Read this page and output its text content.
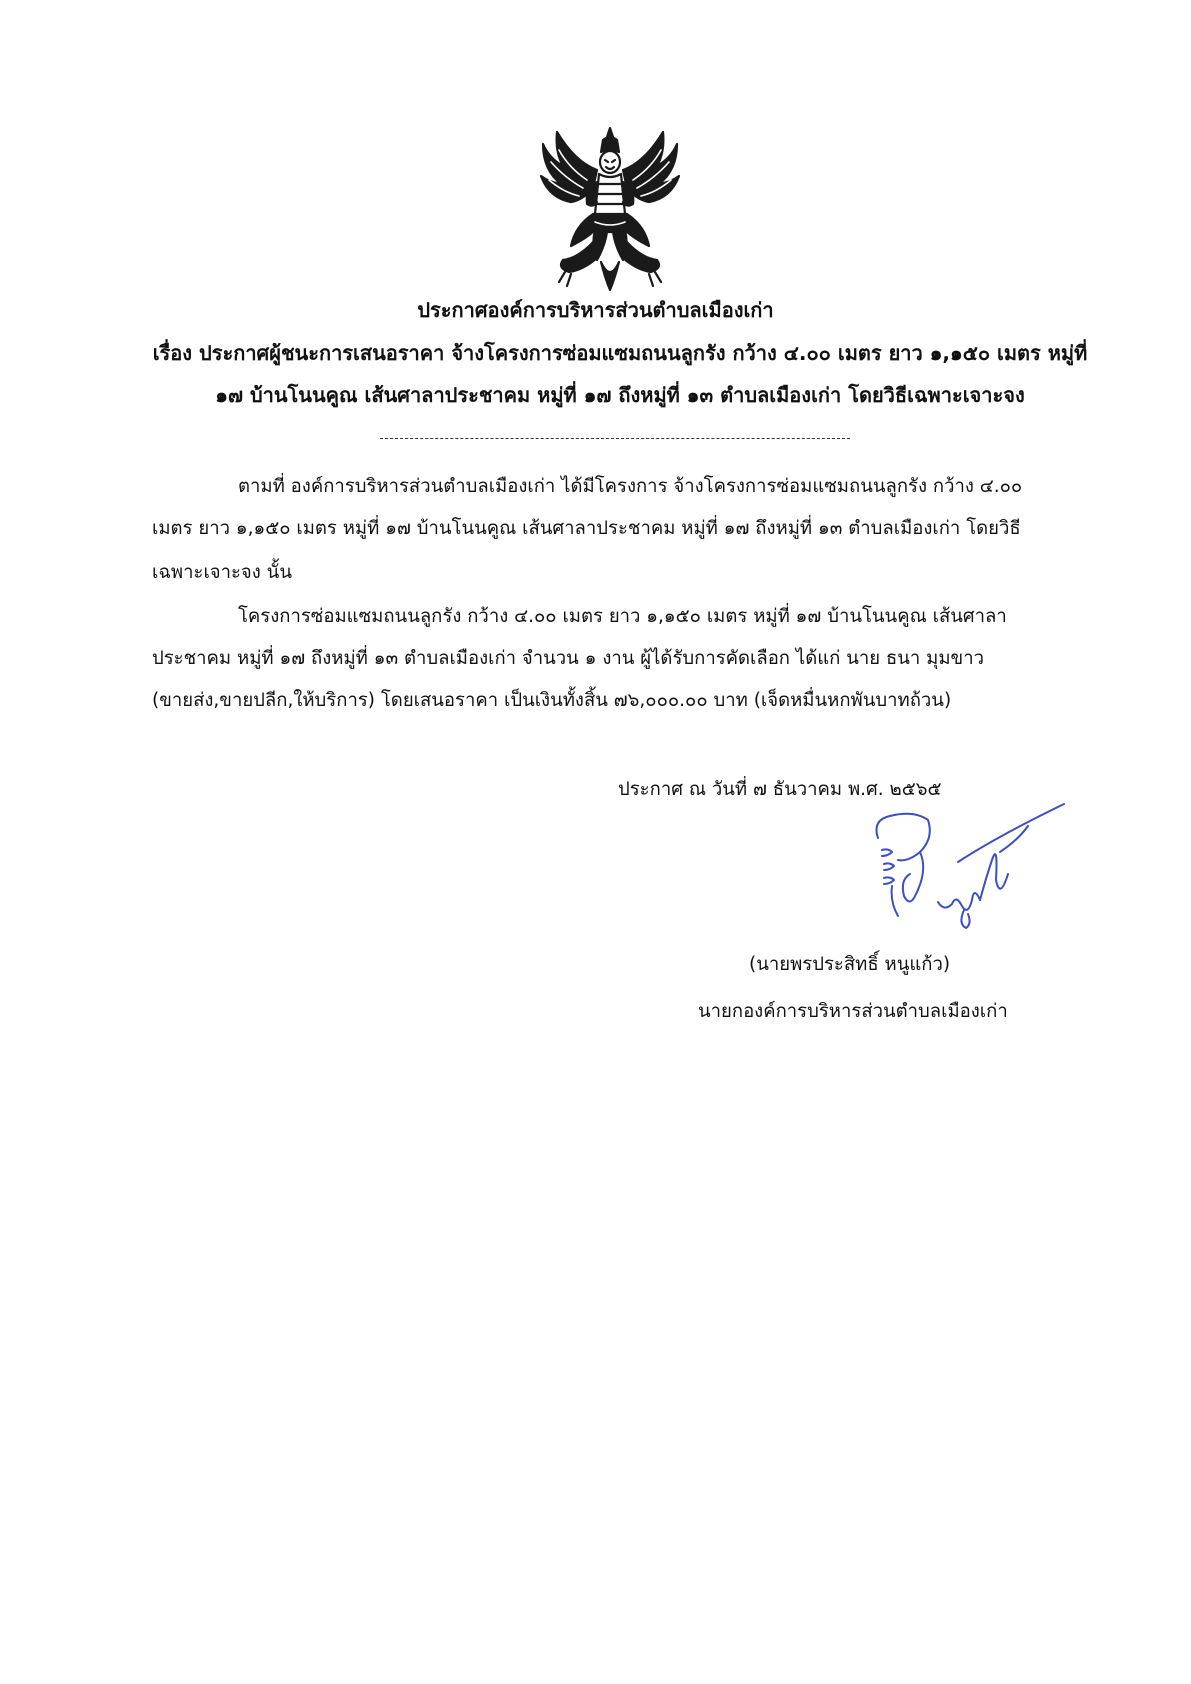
ประกาศองค์การบริหารส่วนตำบลเมืองเก่า
เรื่อง ประกาศผู้ชนะการเสนอราคา จ้างโครงการซ่อมแซมถนนลูกรัง กว้าง ๔.๐๐ เมตร ยาว ๑,๑๕๐ เมตร หมู่ที่
๑๗ บ้านโนนคูณ เส้นศาลาประชาคม หมู่ที่ ๑๗ ถึงหมู่ที่ ๑๓ ตำบลเมืองเก่า โดยวิธีเฉพาะเจาะจง
ตามที่ องค์การบริหารส่วนตำบลเมืองเก่า ได้มีโครงการ จ้างโครงการซ่อมแซมถนนลูกรัง กว้าง ๔.๐๐
เมตร ยาว ๑,๑๕๐ เมตร หมู่ที่ ๑๗ บ้านโนนคูณ เส้นศาลาประชาคม หมู่ที่ ๑๗ ถึงหมู่ที่ ๑๓ ตำบลเมืองเก่า โดยวิธี
เฉพาะเจาะจง นั้น
โครงการซ่อมแซมถนนลูกรัง กว้าง ๔.๐๐ เมตร ยาว ๑,๑๕๐ เมตร หมู่ที่ ๑๗ บ้านโนนคูณ เส้นศาลา
ประชาคม หมู่ที่ ๑๗ ถึงหมู่ที่ ๑๓ ตำบลเมืองเก่า จำนวน ๑ งาน ผู้ได้รับการคัดเลือก ได้แก่ นาย ธนา มุมขาว
(ขายส่ง,ขายปลีก,ให้บริการ) โดยเสนอราคา เป็นเงินทั้งสิ้น ๗๖,๐๐๐.๐๐ บาท (เจ็ดหมื่นหกพันบาทถ้วน)
ประกาศ ณ วันที่ ๗ ธันวาคม พ.ศ. ๒๕๖๕
(นายพรประสิทธิ์ หนูแก้ว)
นายกองค์การบริหารส่วนตำบลเมืองเก่า
